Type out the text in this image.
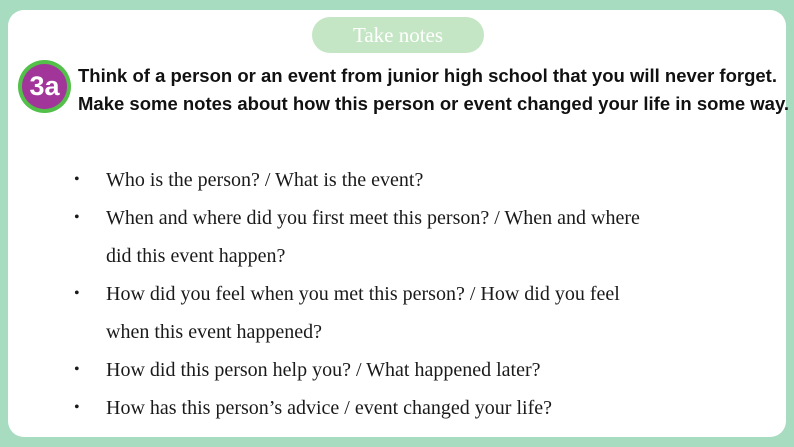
Take notes
3a Think of a person or an event from junior high school that you will never forget. Make some notes about how this person or event changed your life in some way.

• Who is the person? / What is the event?
• When and where did you first meet this person? / When and where
did this event happen?
• How did you feel when you met this person? / How did you feel
when this event happened?
• How did this person help you? / What happened later?
• How has this person’s advice / event changed your life?
